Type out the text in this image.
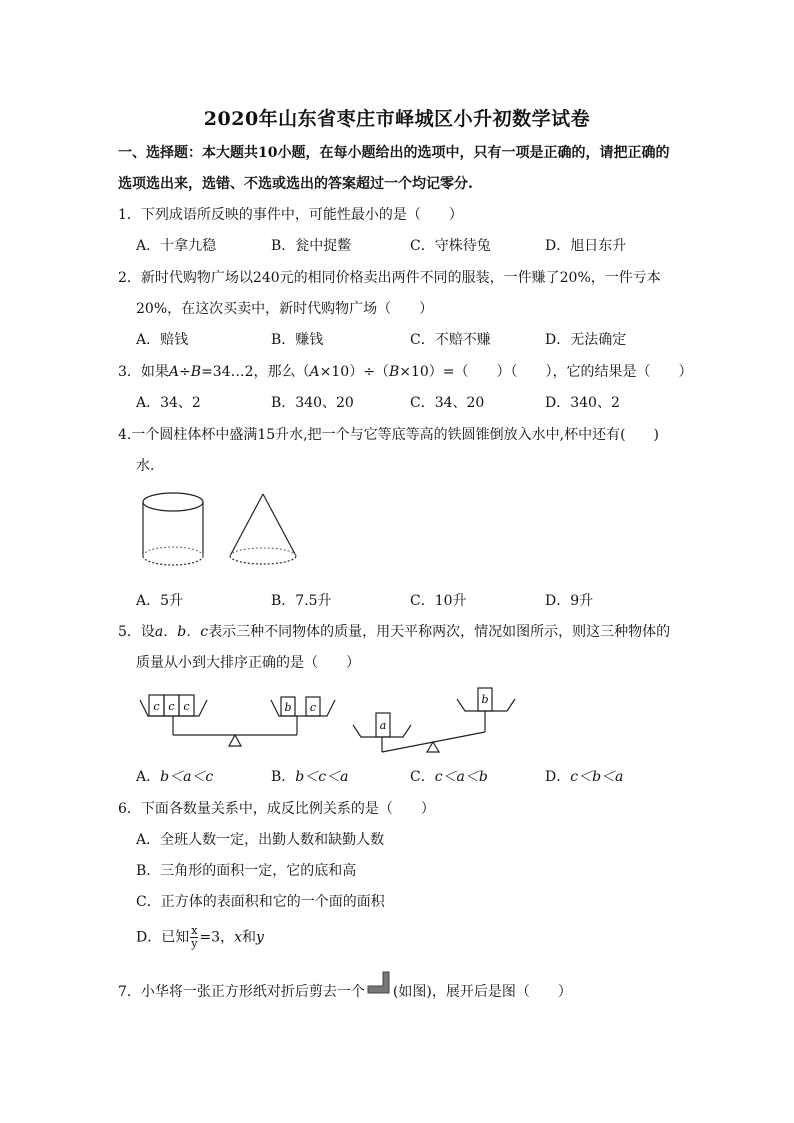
2020年山东省枣庄市峄城区小升初数学试卷
一、选择题：本大题共10小题，在每小题给出的选项中，只有一项是正确的，请把正确的
选项选出来，选错、不选或选出的答案超过一个均记零分.
1．下列成语所反映的事件中，可能性最小的是（　　）
A．十拿九稳	B．瓮中捉鳖	C．守株待兔	D．旭日东升
2．新时代购物广场以240元的相同价格卖出两件不同的服装，一件赚了20%，一件亏本
20%，在这次买卖中，新时代购物广场（　　）
A．赔钱	B．赚钱	C．不赔不赚	D．无法确定
3．如果A÷B=34…2，那么（A×10）÷（B×10）=（　　）（　　），它的结果是（　　）
A．34、2	B．340、20	C．34、20	D．340、2
4.一个圆柱体杯中盛满15升水,把一个与它等底等高的铁圆锥倒放入水中,杯中还有(　　)
水．
A．5升	B．7.5升	C．10升	D．9升
5．设a．b．c表示三种不同物体的质量，用天平称两次，情况如图所示，则这三种物体的
质量从小到大排序正确的是（　　）
c c c	b c
a
b
A．b＜a＜c	B．b＜c＜a	C．c＜a＜b	D．c＜b＜a
6．下面各数量关系中，成反比例关系的是（　　）
A．全班人数一定，出勤人数和缺勤人数
B．三角形的面积一定，它的底和高
C．正方体的表面积和它的一个面的面积
D．已知 $\frac{x}{y} =3$，x和y
7．小华将一张正方形纸对折后剪去一个 (如图)，展开后是图（　　）
